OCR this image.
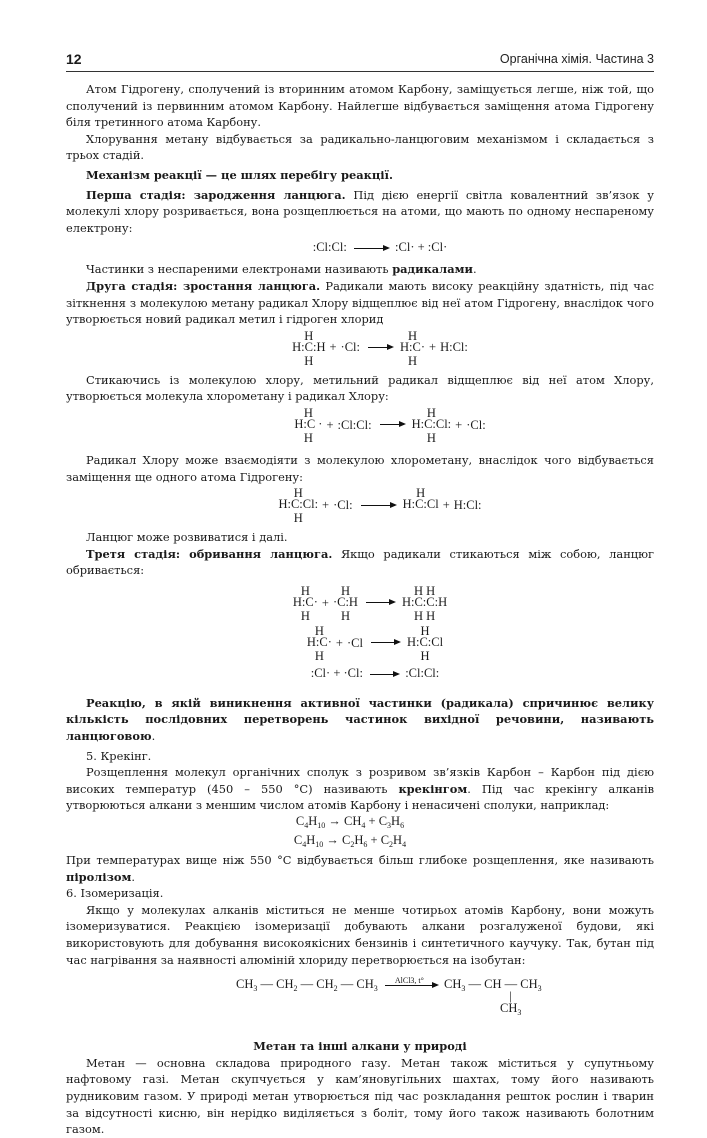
12	Органічна хімія. Частина 3

Атом Гідрогену, сполучений із вторинним атомом Карбону, заміщується легше, ніж той, що сполучений із первинним атомом Карбону. Найлегше відбувається заміщення атома Гідрогену біля третинного атома Карбону.

Хлорування метану відбувається за радикально-ланцюговим механізмом і складається з трьох стадій.

Механізм реакції — це шлях перебігу реакції.

Перша стадія: зародження ланцюга. Під дією енергії світла ковалентний зв’язок у молекулі хлору розривається, вона розщеплюється на атоми, що мають по одному неспареному електрону:

:Cl:Cl: → :Cl· + :Cl·

Частинки з неспареними електронами називають радикалами.

Друга стадія: зростання ланцюга. Радикали мають високу реакційну здатність, під час зіткнення з молекулою метану радикал Хлору відщеплює від неї атом Гідрогену, внаслідок чого утворюється новий радикал метил і гідроген хлорид

H
H:C:H
H
+ ·Cl: →
H
H:C·
H
+ H:Cl:

Стикаючись із молекулою хлору, метильний радикал відщеплює від неї атом Хлору, утворюється молекула хлорометану і радикал Хлору:

H
H:C ·
H
+ :Cl:Cl: →
H
H:C:Cl:
H
+ ·Cl:

Радикал Хлору може взаємодіяти з молекулою хлорометану, внаслідок чого відбувається заміщення ще одного атома Гідрогену:

H
H:C:Cl:
H
+ ·Cl: →
H
H:C:Cl + H:Cl:

Ланцюг може розвиватися і далі.

Третя стадія: обривання ланцюга. Якщо радикали стикаються між собою, ланцюг обривається:

H
H:C·
H
+
H
·C:H
H
H H
H:C:C:H
H H
H
H:C·
H
+ ·Cl →
H
H:C:Cl
H
:Cl· + ·Cl: → :Cl:Cl:

Реакцію, в якій виникнення активної частинки (радикала) спричинює велику кількість послідовних перетворень частинок вихідної речовини, називають ланцюговою.

5. Крекінг.

Розщеплення молекул органічних сполук з розривом зв’язків Карбон – Карбон під дією високих температур (450 – 550 °С) називають крекінгом. Під час крекінгу алканів утворюються алкани з меншим числом атомів Карбону і ненасичені сполуки, наприклад:

$C_4H_{10} \to CH_4 + C_3H_6$
$C_4H_{10} \to C_2H_6 + C_2H_4$

При температурах вище ніж 550 °С відбувається більш глибоке розщеплення, яке називають піролізом.

6. Ізомеризація.

Якщо у молекулах алканів міститься не менше чотирьох атомів Карбону, вони можуть ізомеризуватися. Реакцією ізомеризації добувають алкани розгалуженої будови, які використовують для добування високоякісних бензинів і синтетичного каучуку. Так, бутан під час нагрівання за наявності алюміній хлориду перетворюється на ізобутан:

$CH_3$ — $CH_2$ — $CH_2$ — $CH_3$
AlCl3, t° $CH_3$ — CH — $CH_3$
|
$CH_3$

Метан та інші алкани у природі

Метан — основна складова природного газу. Метан також міститься у супутньому нафтовому газі. Метан скупчується у кам’яновугільних шахтах, тому його називають рудниковим газом. У природі метан утворюється під час розкладання решток рослин і тварин за відсутності кисню, він нерідко виділяється з боліт, тому його також називають болотним газом.
